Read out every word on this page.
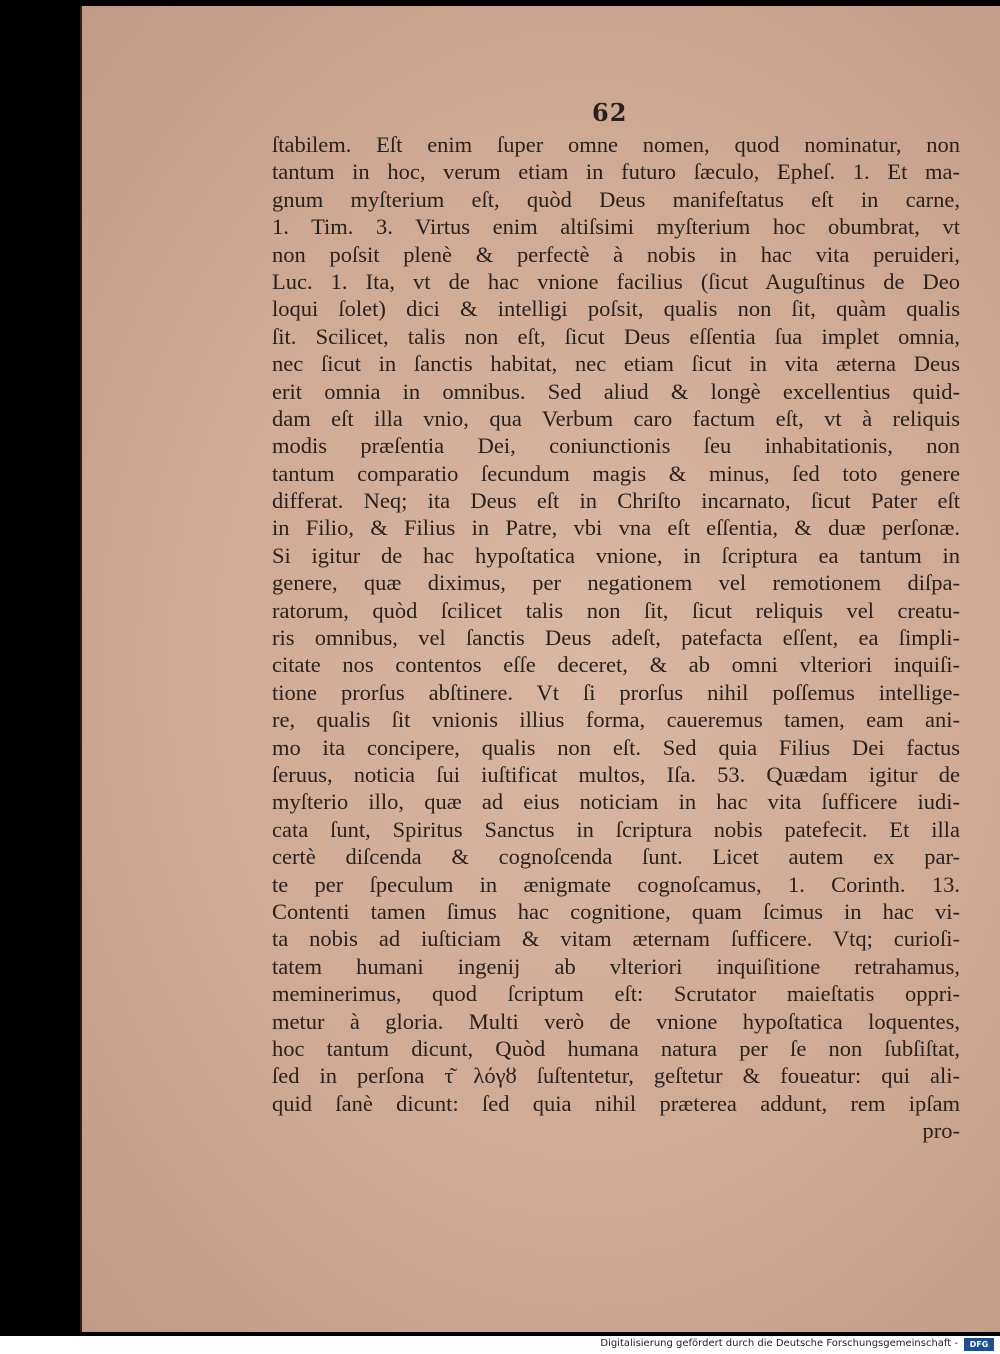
62
ſtabilem. Eſt enim ſuper omne nomen, quod nominatur, non
tantum in hoc, verum etiam in futuro ſæculo, Epheſ. 1. Et ma-
gnum myſterium eſt, quòd Deus manifeſtatus eſt in carne,
1. Tim. 3. Virtus enim altiſsimi myſterium hoc obumbrat, vt
non poſsit plenè & perfectè à nobis in hac vita peruideri,
Luc. 1. Ita, vt de hac vnione facilius (ſicut Auguſtinus de Deo
loqui ſolet) dici & intelligi poſsit, qualis non ſit, quàm qualis
ſit. Scilicet, talis non eſt, ſicut Deus eſſentia ſua implet omnia,
nec ſicut in ſanctis habitat, nec etiam ſicut in vita æterna Deus
erit omnia in omnibus. Sed aliud & longè excellentius quid-
dam eſt illa vnio, qua Verbum caro factum eſt, vt à reliquis
modis præſentia Dei, coniunctionis ſeu inhabitationis, non
tantum comparatio ſecundum magis & minus, ſed toto genere
differat. Neq; ita Deus eſt in Chriſto incarnato, ſicut Pater eſt
in Filio, & Filius in Patre, vbi vna eſt eſſentia, & duæ perſonæ.
Si igitur de hac hypoſtatica vnione, in ſcriptura ea tantum in
genere, quæ diximus, per negationem vel remotionem diſpa-
ratorum, quòd ſcilicet talis non ſit, ſicut reliquis vel creatu-
ris omnibus, vel ſanctis Deus adeſt, patefacta eſſent, ea ſimpli-
citate nos contentos eſſe deceret, & ab omni vlteriori inquiſi-
tione prorſus abſtinere. Vt ſi prorſus nihil poſſemus intellige-
re, qualis ſit vnionis illius forma, caueremus tamen, eam ani-
mo ita concipere, qualis non eſt. Sed quia Filius Dei factus
ſeruus, noticia ſui iuſtificat multos, Iſa. 53. Quædam igitur de
myſterio illo, quæ ad eius noticiam in hac vita ſufficere iudi-
cata ſunt, Spiritus Sanctus in ſcriptura nobis patefecit. Et illa
certè diſcenda & cognoſcenda ſunt. Licet autem ex par-
te per ſpeculum in ænigmate cognoſcamus, 1. Corinth. 13.
Contenti tamen ſimus hac cognitione, quam ſcimus in hac vi-
ta nobis ad iuſticiam & vitam æternam ſufficere. Vtq; curioſi-
tatem humani ingenij ab vlteriori inquiſitione retrahamus,
meminerimus, quod ſcriptum eſt: Scrutator maieſtatis oppri-
metur à gloria. Multi verò de vnione hypoſtatica loquentes,
hoc tantum dicunt, Quòd humana natura per ſe non ſubſiſtat,
ſed in perſona τ͂ λόγȣ ſuſtentetur, geſtetur & foueatur: qui ali-
quid ſanè dicunt: ſed quia nihil præterea addunt, rem ipſam
pro-
Digitalisierung gefördert durch die Deutsche Forschungsgemeinschaft -	DFG
